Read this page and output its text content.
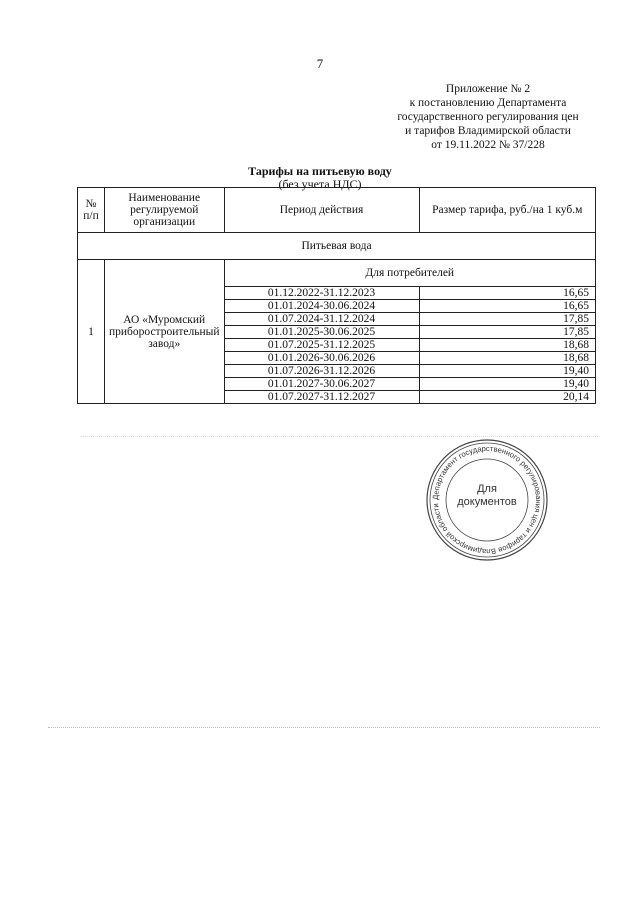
7
Приложение № 2
к постановлению Департамента
государственного регулирования цен
и тарифов Владимирской области
от 19.11.2022 № 37/228
Тарифы на питьевую воду
(без учета НДС)
№ п/п	Наименование регулируемой организации	Период действия	Размер тарифа, руб./на 1 куб.м
Питьевая вода			
1	АО «Муромский приборостроительный завод»	Для потребителей	
		01.12.2022-31.12.2023	16,65
		01.01.2024-30.06.2024	16,65
		01.07.2024-31.12.2024	17,85
		01.01.2025-30.06.2025	17,85
		01.07.2025-31.12.2025	18,68
		01.01.2026-30.06.2026	18,68
		01.07.2026-31.12.2026	19,40
		01.01.2027-30.06.2027	19,40
		01.07.2027-31.12.2027	20,14
Департамент государственного регулирования цен и тарифов Владимирской области
Для
документов
